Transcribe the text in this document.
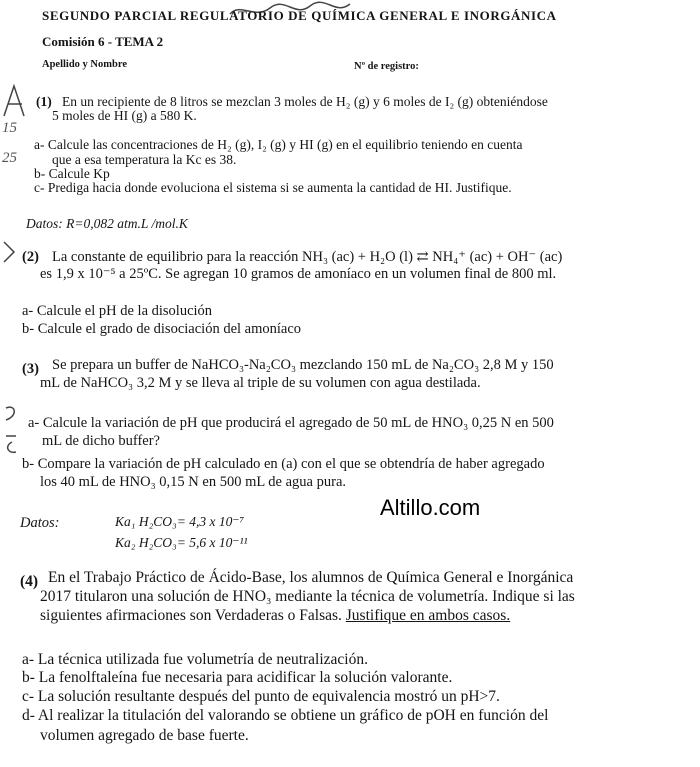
SEGUNDO PARCIAL REGULATORIO DE QUÍMICA GENERAL E INORGÁNICA
Comisión 6 - TEMA 2
Apellido y Nombre	Nº de registro:
15
25
(1) En un recipiente de 8 litros se mezclan 3 moles de H₂ (g) y 6 moles de I₂ (g) obteniéndose
5 moles de HI (g) a 580 K.
a- Calcule las concentraciones de H₂ (g), I₂ (g) y HI (g) en el equilibrio teniendo en cuenta
que a esa temperatura la Kc es 38.
b- Calcule Kp
c- Prediga hacia donde evoluciona el sistema si se aumenta la cantidad de HI. Justifique.
Datos: R=0,082 atm.L /mol.K
(2) La constante de equilibrio para la reacción NH₃ (ac) + H₂O (l) ⇄ NH₄⁺ (ac) + OH⁻ (ac)
es 1,9 x 10⁻⁵ a 25ºC. Se agregan 10 gramos de amoníaco en un volumen final de 800 ml.
a- Calcule el pH de la disolución
b- Calcule el grado de disociación del amoníaco
(3) Se prepara un buffer de NaHCO₃-Na₂CO₃ mezclando 150 mL de Na₂CO₃ 2,8 M y 150
mL de NaHCO₃ 3,2 M y se lleva al triple de su volumen con agua destilada.
a- Calcule la variación de pH que producirá el agregado de 50 mL de HNO₃ 0,25 N en 500
mL de dicho buffer?
b- Compare la variación de pH calculado en (a) con el que se obtendría de haber agregado
los 40 mL de HNO₃ 0,15 N en 500 mL de agua pura.
Datos:	Ka₁ H₂CO₃= 4,3 x 10⁻⁷
Ka₂ H₂CO₃= 5,6 x 10⁻¹¹
Altillo.com
(4) En el Trabajo Práctico de Ácido-Base, los alumnos de Química General e Inorgánica
2017 titularon una solución de HNO₃ mediante la técnica de volumetría. Indique si las
siguientes afirmaciones son Verdaderas o Falsas. Justifique en ambos casos.
a- La técnica utilizada fue volumetría de neutralización.
b- La fenolftaleína fue necesaria para acidificar la solución valorante.
c- La solución resultante después del punto de equivalencia mostró un pH>7.
d- Al realizar la titulación del valorando se obtiene un gráfico de pOH en función del
volumen agregado de base fuerte.
